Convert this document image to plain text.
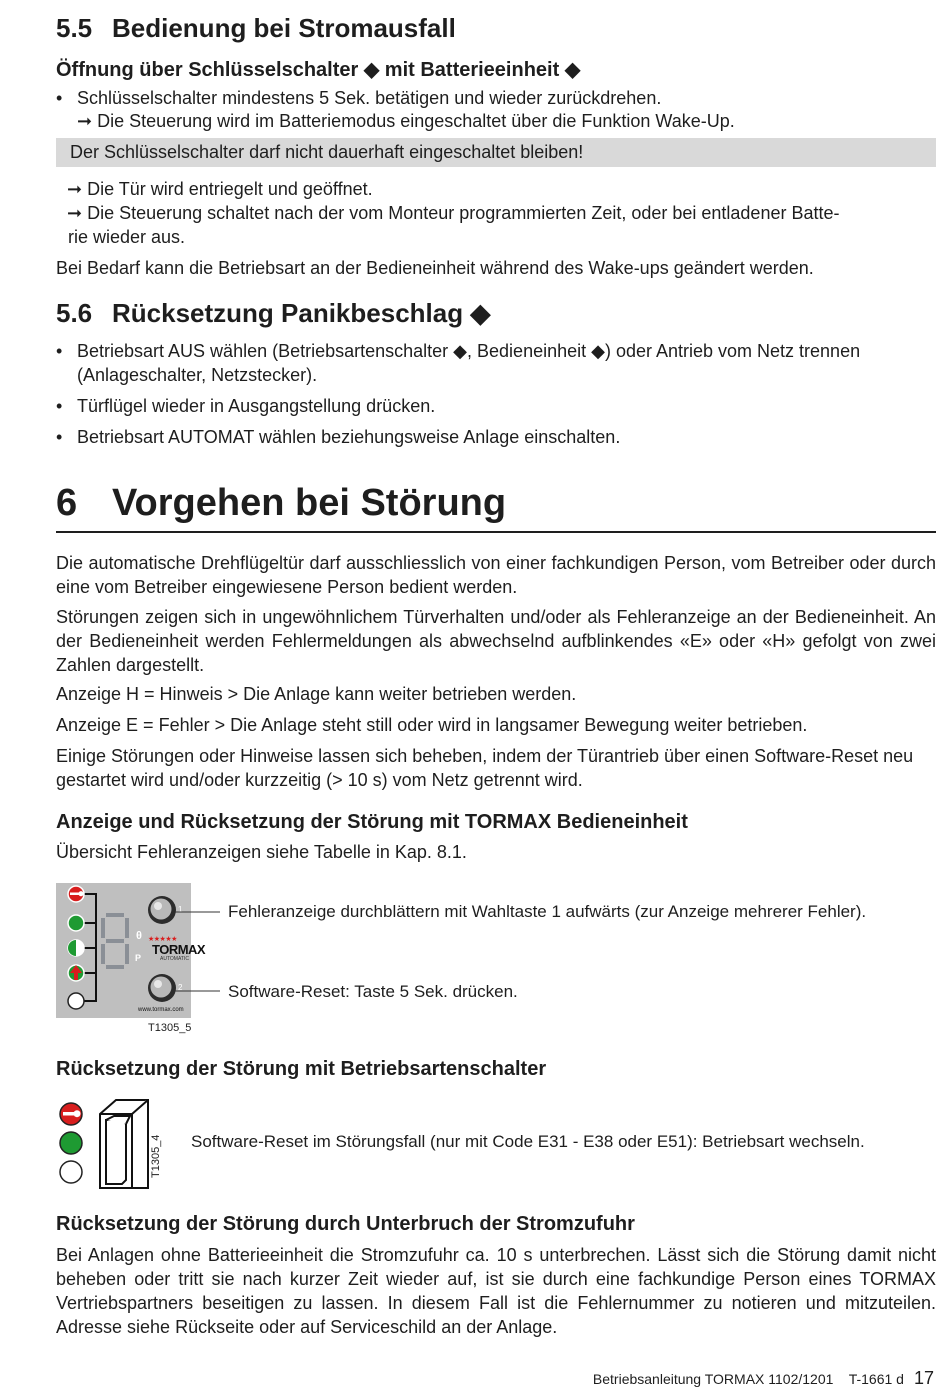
5.5 Bedienung bei Stromausfall
Öffnung über Schlüsselschalter ◆ mit Batterieeinheit ◆
• Schlüsselschalter mindestens 5 Sek. betätigen und wieder zurückdrehen.
➞ Die Steuerung wird im Batteriemodus eingeschaltet über die Funktion Wake-Up.
Der Schlüsselschalter darf nicht dauerhaft eingeschaltet bleiben!
➞ Die Tür wird entriegelt und geöffnet.
➞ Die Steuerung schaltet nach der vom Monteur programmierten Zeit, oder bei entladener Batte-
rie wieder aus.

Bei Bedarf kann die Betriebsart an der Bedieneinheit während des Wake-ups geändert werden.

5.6 Rücksetzung Panikbeschlag ◆
• Betriebsart AUS wählen (Betriebsartenschalter ◆, Bedieneinheit ◆) oder Antrieb vom Netz trennen (Anlageschalter, Netzstecker).
• Türflügel wieder in Ausgangstellung drücken.
• Betriebsart AUTOMAT wählen beziehungsweise Anlage einschalten.
6 Vorgehen bei Störung

Die automatische Drehflügeltür darf ausschliesslich von einer fachkundigen Person, vom Betreiber oder durch eine vom Betreiber eingewiesene Person bedient werden.

Störungen zeigen sich in ungewöhnlichem Türverhalten und/oder als Fehleranzeige an der Bedieneinheit. An der Bedieneinheit werden Fehlermeldungen als abwechselnd aufblinkendes «E» oder «H» gefolgt von zwei Zahlen dargestellt.

Anzeige H = Hinweis > Die Anlage kann weiter betrieben werden.

Anzeige E = Fehler > Die Anlage steht still oder wird in langsamer Bewegung weiter betrieben.

Einige Störungen oder Hinweise lassen sich beheben, indem der Türantrieb über einen Software-Reset neu gestartet wird und/oder kurzzeitig (> 10 s) vom Netz getrennt wird.

Anzeige und Rücksetzung der Störung mit TORMAX Bedieneinheit

Übersicht Fehleranzeigen siehe Tabelle in Kap. 8.1.

Rücksetzung der Störung mit Betriebsartenschalter
Rücksetzung der Störung durch Unterbruch der Stromzufuhr

Bei Anlagen ohne Batterieeinheit die Stromzufuhr ca. 10 s unterbrechen. Lässt sich die Störung damit nicht beheben oder tritt sie nach kurzer Zeit wieder auf, ist sie durch eine fachkundige Person eines TORMAX Vertriebspartners beseitigen zu lassen. In diesem Fall ist die Fehlernummer zu notieren und mitzuteilen. Adresse siehe Rückseite oder auf Serviceschild an der Anlage.

θ
1
2
P
★★★★★
TORMAX
AUTOMATIC
www.tormax.com
Fehleranzeige durchblättern mit Wahltaste 1 aufwärts (zur Anzeige mehrerer Fehler).
Software-Reset: Taste 5 Sek. drücken.
T1305_5
T1305_4 Software-Reset im Störungsfall (nur mit Code E31 - E38 oder E51): Betriebsart wechseln.
Betriebsanleitung TORMAX 1102/1201    T-1661 d 17
